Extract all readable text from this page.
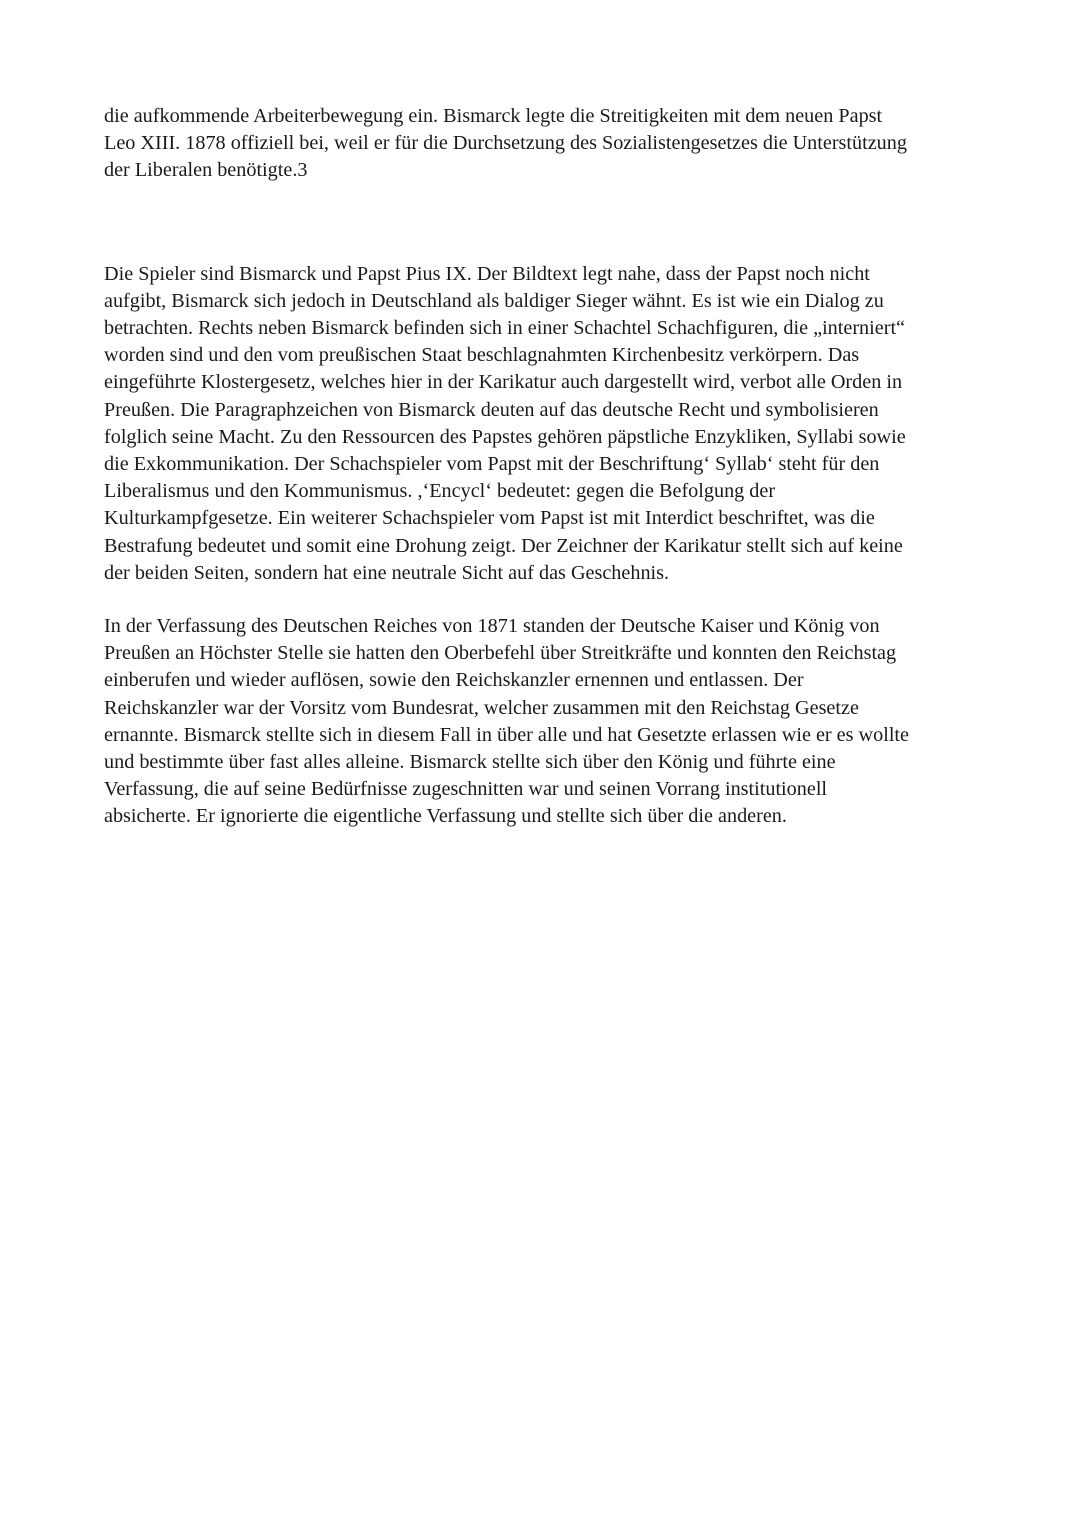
die aufkommende Arbeiterbewegung ein. Bismarck legte die Streitigkeiten mit dem neuen Papst
Leo XIII. 1878 offiziell bei, weil er für die Durchsetzung des Sozialistengesetzes die Unterstützung
der Liberalen benötigte.3

Die Spieler sind Bismarck und Papst Pius IX. Der Bildtext legt nahe, dass der Papst noch nicht
aufgibt, Bismarck sich jedoch in Deutschland als baldiger Sieger wähnt. Es ist wie ein Dialog zu
betrachten. Rechts neben Bismarck befinden sich in einer Schachtel Schachfiguren, die „interniert“
worden sind und den vom preußischen Staat beschlagnahmten Kirchenbesitz verkörpern. Das
eingeführte Klostergesetz, welches hier in der Karikatur auch dargestellt wird, verbot alle Orden in
Preußen. Die Paragraphzeichen von Bismarck deuten auf das deutsche Recht und symbolisieren
folglich seine Macht. Zu den Ressourcen des Papstes gehören päpstliche Enzykliken, Syllabi sowie
die Exkommunikation. Der Schachspieler vom Papst mit der Beschriftung‘ Syllab‘ steht für den
Liberalismus und den Kommunismus. ,‘Encycl‘ bedeutet: gegen die Befolgung der
Kulturkampfgesetze. Ein weiterer Schachspieler vom Papst ist mit Interdict beschriftet, was die
Bestrafung bedeutet und somit eine Drohung zeigt. Der Zeichner der Karikatur stellt sich auf keine
der beiden Seiten, sondern hat eine neutrale Sicht auf das Geschehnis.

In der Verfassung des Deutschen Reiches von 1871 standen der Deutsche Kaiser und König von
Preußen an Höchster Stelle sie hatten den Oberbefehl über Streitkräfte und konnten den Reichstag
einberufen und wieder auflösen, sowie den Reichskanzler ernennen und entlassen. Der
Reichskanzler war der Vorsitz vom Bundesrat, welcher zusammen mit den Reichstag Gesetze
ernannte. Bismarck stellte sich in diesem Fall in über alle und hat Gesetzte erlassen wie er es wollte
und bestimmte über fast alles alleine. Bismarck stellte sich über den König und führte eine
Verfassung, die auf seine Bedürfnisse zugeschnitten war und seinen Vorrang institutionell
absicherte. Er ignorierte die eigentliche Verfassung und stellte sich über die anderen.
